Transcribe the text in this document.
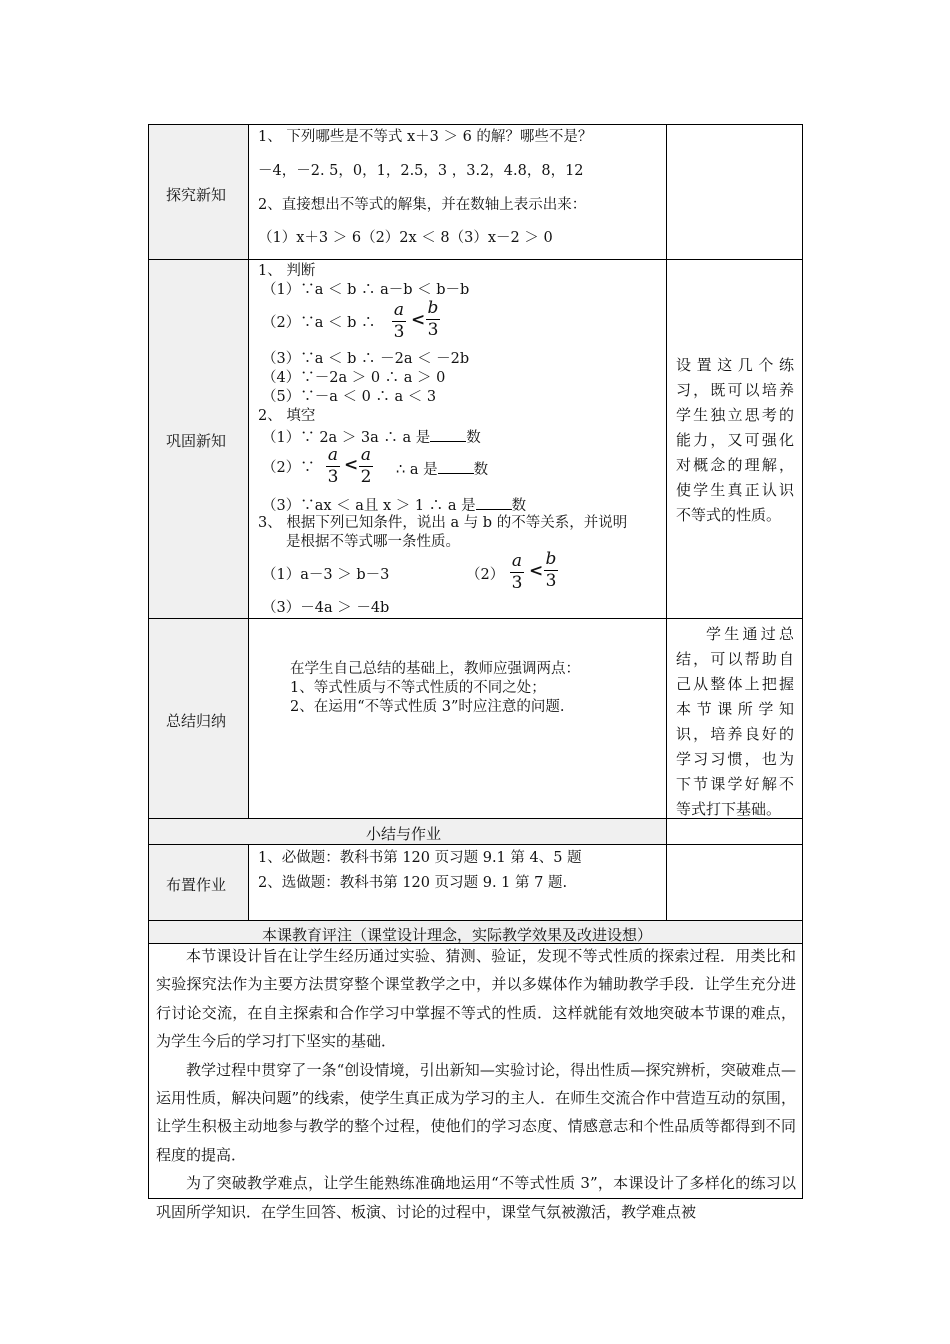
探究新知
1、 下列哪些是不等式 x＋3 ＞ 6 的解？哪些不是？
－4，－2. 5，0，1，2.5，3 ，3.2，4.8，8，12
2、直接想出不等式的解集，并在数轴上表示出来：
（1）x＋3 ＞ 6（2）2x ＜ 8（3）x－2 ＞ 0
巩固新知
1、 判断
（1）∵a ＜ b ∴ a－b ＜ b－b
（2）∵a ＜ b ∴
a
3
<
b
3
（3）∵a ＜ b ∴ －2a ＜ －2b
（4）∵－2a ＞ 0 ∴ a ＞ 0
（5）∵－a ＜ 0 ∴ a ＜ 3
2、 填空
（1）∵ 2a ＞ 3a ∴ a 是 数
（2）∵
a
3
< a
2 ∴ a 是 数
（3）∵ax ＜ a且 x ＞ 1 ∴ a 是 数
3、 根据下列已知条件，说出 a 与 b 的不等关系，并说明
是根据不等式哪一条性质。
（1）a－3 ＞ b－3	（2）
a
3
<
b
3
（3）－4a ＞ －4b
设置这几个练习，既可以培养学生独立思考的能力，又可强化对概念的理解，使学生真正认识不等式的性质。
总结归纳
在学生自己总结的基础上，教师应强调两点：
1、等式性质与不等式性质的不同之处；
2、在运用“不等式性质 3”时应注意的问题.
学生通过总结，可以帮助自己从整体上把握本节课所学知识，培养良好的学习习惯，也为下节课学好解不等式打下基础。
小结与作业
布置作业
1、必做题：教科书第 120 页习题 9.1 第 4、5 题
2、选做题：教科书第 120 页习题 9. 1 第 7 题.
本课教育评注（课堂设计理念，实际教学效果及改进设想）

本节课设计旨在让学生经历通过实验、猜测、验证，发现不等式性质的探索过程．用类比和实验探究法作为主要方法贯穿整个课堂教学之中，并以多媒体作为辅助教学手段．让学生充分进行讨论交流，在自主探索和合作学习中掌握不等式的性质．这样就能有效地突破本节课的难点，为学生今后的学习打下坚实的基础．

教学过程中贯穿了一条“创设情境，引出新知—实验讨论，得出性质—探究辨析，突破难点—运用性质，解决问题”的线索，使学生真正成为学习的主人．在师生交流合作中营造互动的氛围，让学生积极主动地参与教学的整个过程，使他们的学习态度、情感意志和个性品质等都得到不同程度的提高．

为了突破教学难点，让学生能熟练准确地运用“不等式性质 3”，本课设计了多样化的练习以巩固所学知识．在学生回答、板演、讨论的过程中，课堂气氛被激活，教学难点被
